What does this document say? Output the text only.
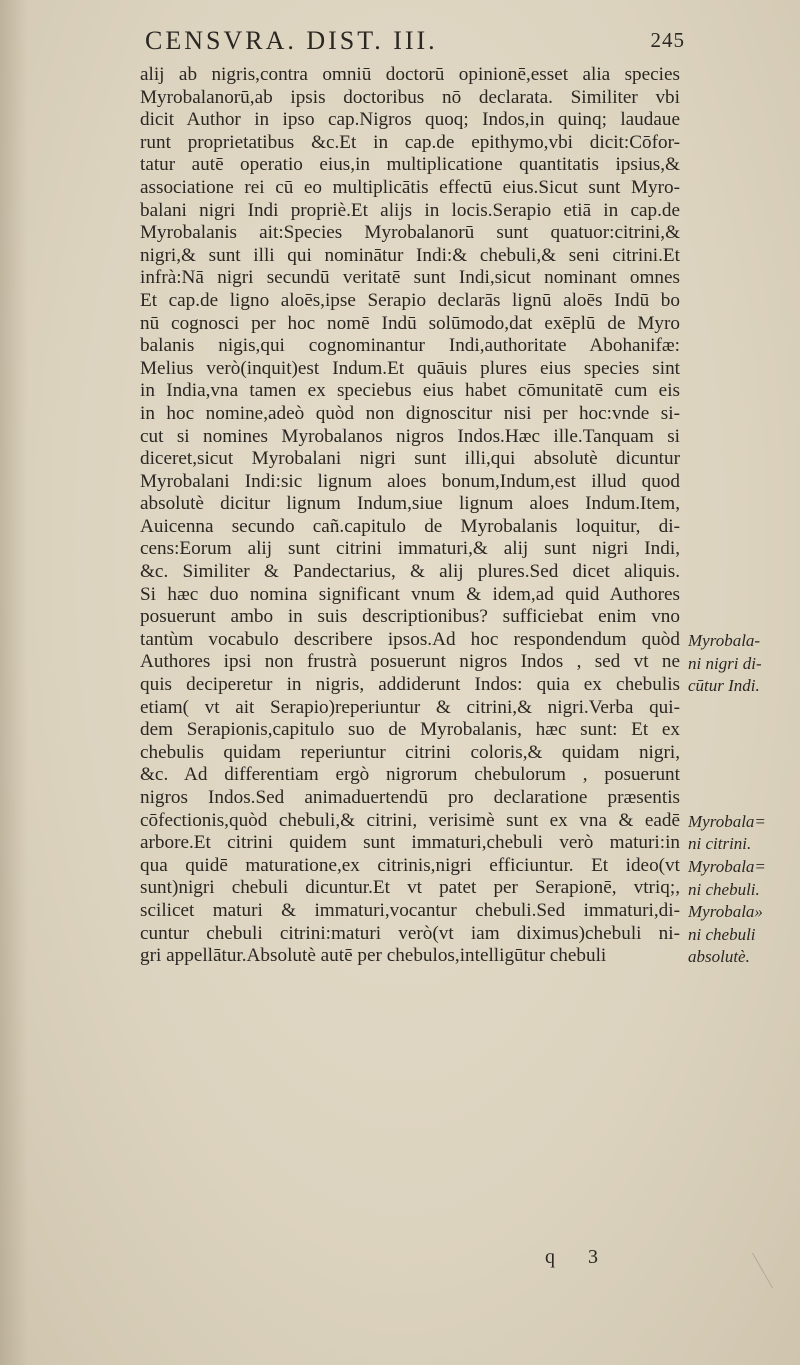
CENSVRA. DIST. III.	245
alij ab nigris,contra omniū doctorū opinionē,esset alia species
Myrobalanorū,ab ipsis doctoribus nō declarata. Similiter vbi
dicit Author in ipso cap.Nigros quoq; Indos,in quinq; laudaue
runt proprietatibus &c.Et in cap.de epithymo,vbi dicit:Cōfor-
tatur autē operatio eius,in multiplicatione quantitatis ipsius,&
associatione rei cū eo multiplicātis effectū eius.Sicut sunt Myro-
balani nigri Indi propriè.Et alijs in locis.Serapio etiā in cap.de
Myrobalanis ait:Species Myrobalanorū sunt quatuor:citrini,&
nigri,& sunt illi qui nominātur Indi:& chebuli,& seni citrini.Et
infrà:Nā nigri secundū veritatē sunt Indi,sicut nominant omnes
Et cap.de ligno aloēs,ipse Serapio declarās lignū aloēs Indū bo
nū cognosci per hoc nomē Indū solūmodo,dat exēplū de Myro
balanis nigis,qui cognominantur Indi,authoritate Abohanifæ:
Melius verò(inquit)est Indum.Et quāuis plures eius species sint
in India,vna tamen ex speciebus eius habet cōmunitatē cum eis
in hoc nomine,adeò quòd non dignoscitur nisi per hoc:vnde si-
cut si nomines Myrobalanos nigros Indos.Hæc ille.Tanquam si
diceret,sicut Myrobalani nigri sunt illi,qui absolutè dicuntur
Myrobalani Indi:sic lignum aloes bonum,Indum,est illud quod
absolutè dicitur lignum Indum,siue lignum aloes Indum.Item,
Auicenna secundo cañ.capitulo de Myrobalanis loquitur, di-
cens:Eorum alij sunt citrini immaturi,& alij sunt nigri Indi,
&c. Similiter & Pandectarius, & alij plures.Sed dicet aliquis.
Si hæc duo nomina significant vnum & idem,ad quid Authores
posuerunt ambo in suis descriptionibus? sufficiebat enim vno
tantùm vocabulo describere ipsos.Ad hoc respondendum quòd
Authores ipsi non frustrà posuerunt nigros Indos , sed vt ne
quis deciperetur in nigris, addiderunt Indos: quia ex chebulis
etiam( vt ait Serapio)reperiuntur & citrini,& nigri.Verba qui-
dem Serapionis,capitulo suo de Myrobalanis, hæc sunt: Et ex
chebulis quidam reperiuntur citrini coloris,& quidam nigri,
&c. Ad differentiam ergò nigrorum chebulorum , posuerunt
nigros Indos.Sed animaduertendū pro declaratione præsentis
cōfectionis,quòd chebuli,& citrini, verisimè sunt ex vna & eadē
arbore.Et citrini quidem sunt immaturi,chebuli verò maturi:in
qua quidē maturatione,ex citrinis,nigri efficiuntur. Et ideo(vt
sunt)nigri chebuli dicuntur.Et vt patet per Serapionē, vtriq;,
scilicet maturi & immaturi,vocantur chebuli.Sed immaturi,di-
cuntur chebuli citrini:maturi verò(vt iam diximus)chebuli ni-
gri appellātur.Absolutè autē per chebulos,intelligūtur chebuli
Myrobala-
ni nigri di-
cūtur Indi.
Myrobala=
ni citrini.
Myrobala=
ni chebuli.
Myrobala»
ni chebuli
absolutè.
q 3
